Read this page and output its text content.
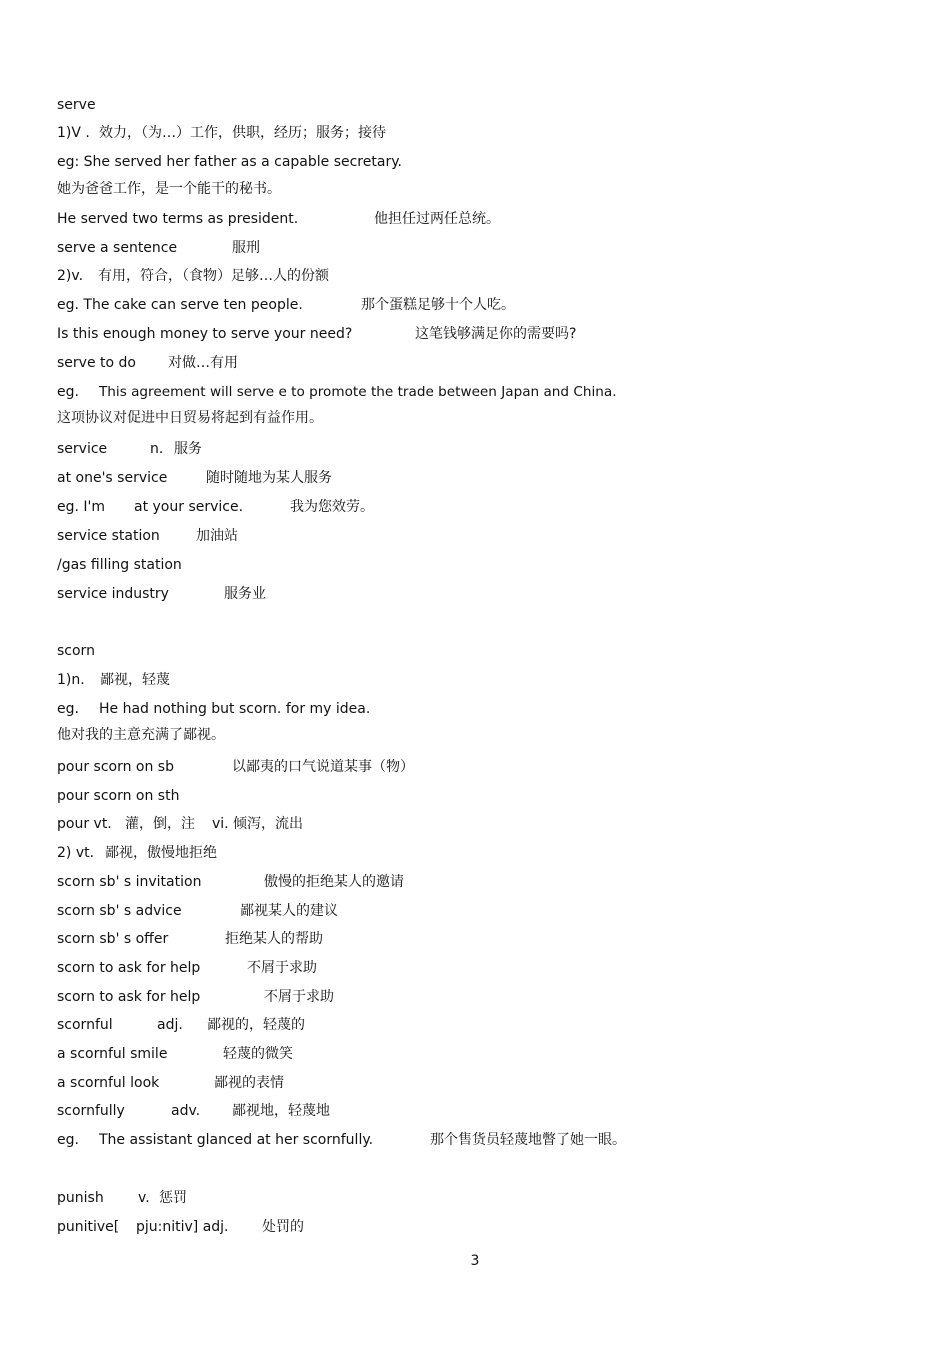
serve
1)V . 效力，（为…）工作，供职，经历；服务；接待
eg: She served her father as a capable secretary.
她为爸爸工作，是一个能干的秘书。
He served two terms as president.	他担任过两任总统。
serve a sentence	服刑
2)v. 有用，符合，（食物）足够…人的份额
eg. The cake can serve ten people.	那个蛋糕足够十个人吃。
Is this enough money to serve your need?	这笔钱够满足你的需要吗?
serve to do 对做…有用
eg. This agreement will serve e to promote the trade between Japan and China.
这项协议对促进中日贸易将起到有益作用。
service	n. 服务
at one's service	随时随地为某人服务
eg. I'm at your service.	我为您效劳。
service station	加油站
/gas filling station
service industry	服务业
scorn
1)n. 鄙视，轻蔑
eg. He had nothing but scorn. for my idea.
他对我的主意充满了鄙视。
pour scorn on sb	以鄙夷的口气说道某事（物）
pour scorn on sth
pour vt. 灌，倒，注 vi. 倾泻，流出
2) vt. 鄙视，傲慢地拒绝
scorn sb' s invitation	傲慢的拒绝某人的邀请
scorn sb' s advice	鄙视某人的建议
scorn sb' s offer	拒绝某人的帮助
scorn to ask for help	不屑于求助
scorn to ask for help	不屑于求助
scornful	adj. 鄙视的，轻蔑的
a scornful smile	轻蔑的微笑
a scornful look	鄙视的表情
scornfully	adv. 鄙视地，轻蔑地
eg. The assistant glanced at her scornfully.	那个售货员轻蔑地瞥了她一眼。
punish v. 惩罚
punitive[ pju:nitiv] adj. 处罚的
3
